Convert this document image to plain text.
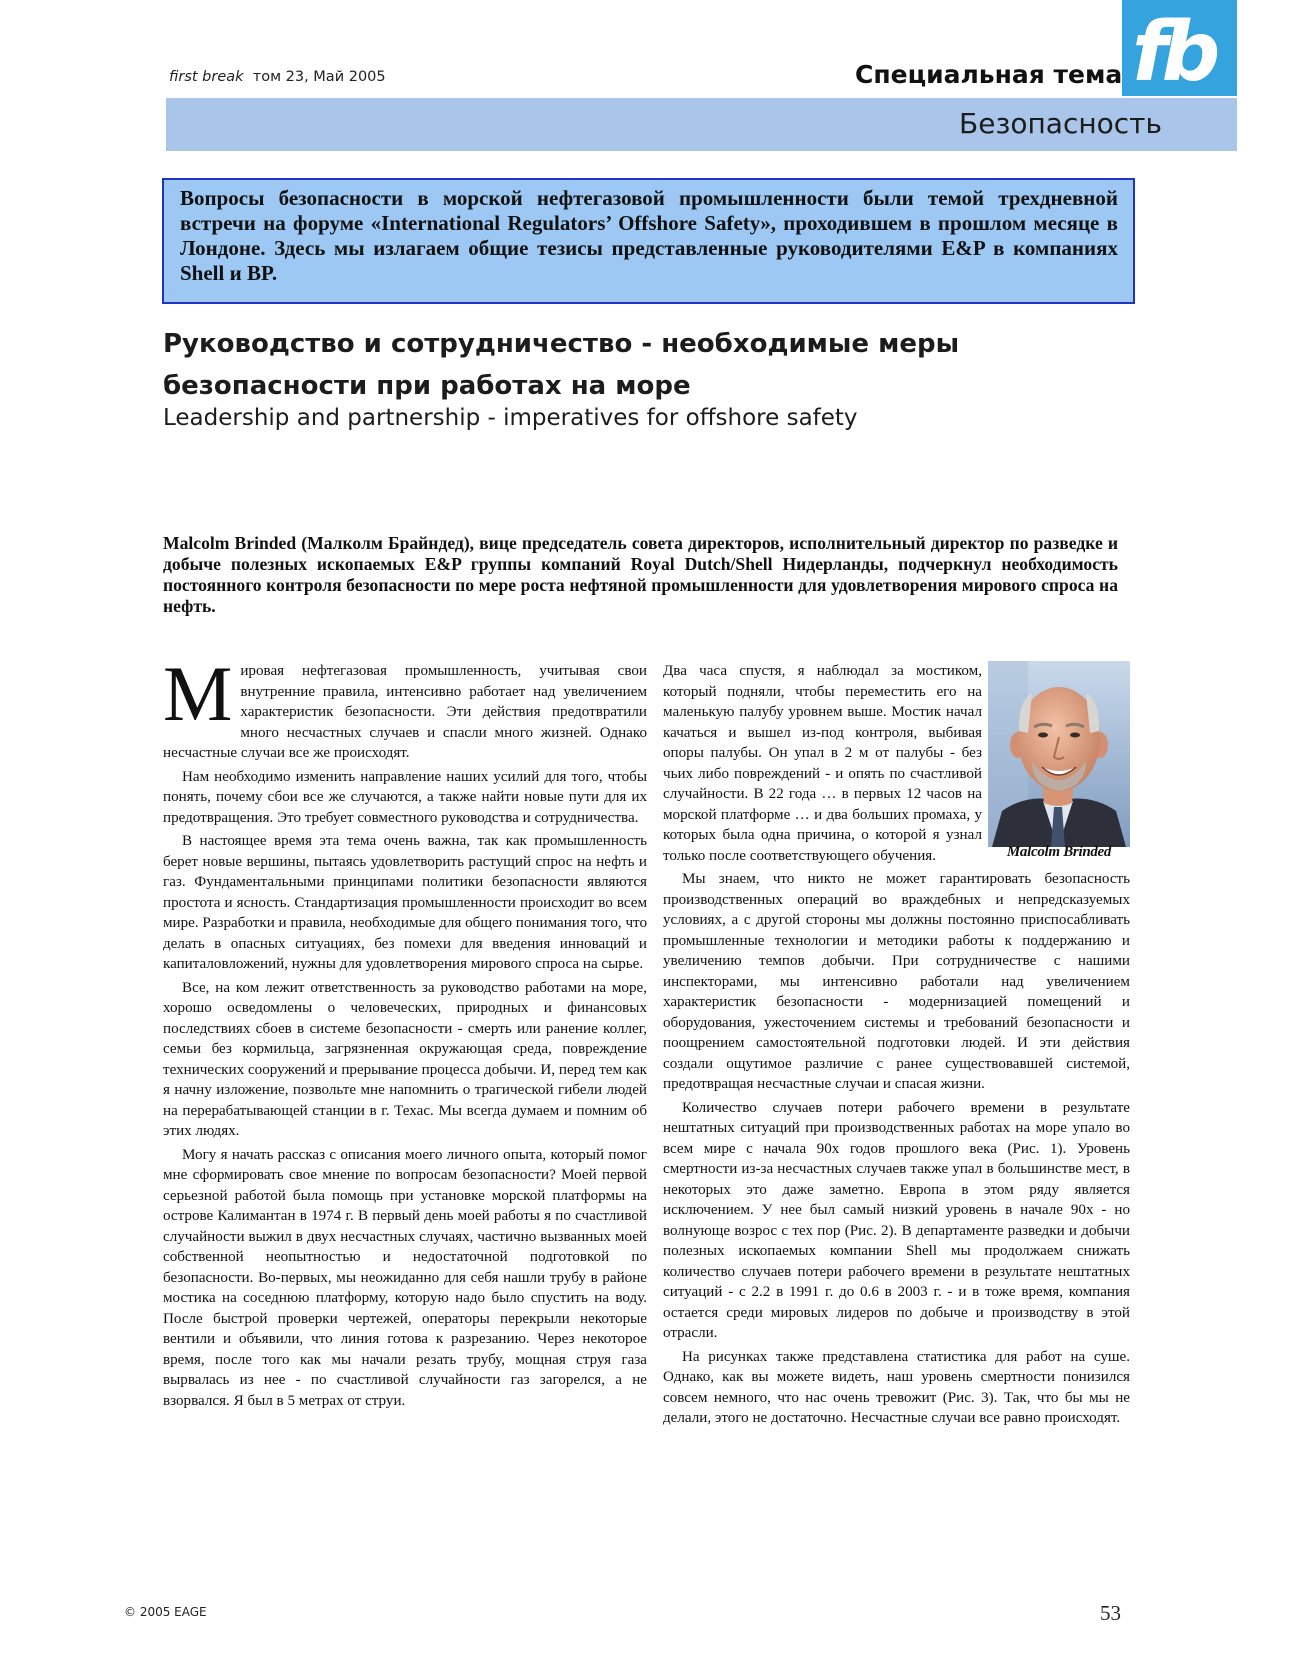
first break том 23, Май 2005	Специальная тема
Безопасность
fb

Вопросы безопасности в морской нефтегазовой промышленности были темой трехдневной встречи на форуме «International Regulators’ Offshore Safety», проходившем в прошлом месяце в Лондоне. Здесь мы излагаем общие тезисы представленные руководителями E&P в компаниях Shell и BP.

Руководство и сотрудничество - необходимые меры
безопасности при работах на море
Leadership and partnership - imperatives for offshore safety

Malcolm Brinded (Малколм Брайндед), вице председатель совета директоров, исполнительный директор по разведке и добыче полезных ископаемых E&P группы компаний Royal Dutch/Shell Нидерланды, подчеркнул необходимость постоянного контроля безопасности по мере роста нефтяной промышленности для удовлетворения мирового спроса на нефть.

Мировая нефтегазовая промышленность, учитывая свои внутренние правила, интенсивно работает над увеличением характеристик безопасности. Эти действия предотвратили много несчастных случаев и спасли много жизней. Однако несчастные случаи все же происходят.

Нам необходимо изменить направление наших усилий для того, чтобы понять, почему сбои все же случаются, а также найти новые пути для их предотвращения. Это требует совместного руководства и сотрудничества.

В настоящее время эта тема очень важна, так как промышленность берет новые вершины, пытаясь удовлетворить растущий спрос на нефть и газ. Фундаментальными принципами политики безопасности являются простота и ясность. Стандартизация промышленности происходит во всем мире. Разработки и правила, необходимые для общего понимания того, что делать в опасных ситуациях, без помехи для введения инноваций и капиталовложений, нужны для удовлетворения мирового спроса на сырье.

Все, на ком лежит ответственность за руководство работами на море, хорошо осведомлены о человеческих, природных и финансовых последствиях сбоев в системе безопасности - смерть или ранение коллег, семьи без кормильца, загрязненная окружающая среда, повреждение технических сооружений и прерывание процесса добычи. И, перед тем как я начну изложение, позвольте мне напомнить о трагической гибели людей на перерабатывающей станции в г. Техас. Мы всегда думаем и помним об этих людях.

Могу я начать рассказ с описания моего личного опыта, который помог мне сформировать свое мнение по вопросам безопасности? Моей первой серьезной работой была помощь при установке морской платформы на острове Калимантан в 1974 г. В первый день моей работы я по счастливой случайности выжил в двух несчастных случаях, частично вызванных моей собственной неопытностью и недостаточной подготовкой по безопасности. Во-первых, мы неожиданно для себя нашли трубу в районе мостика на соседнюю платформу, которую надо было спустить на воду. После быстрой проверки чертежей, операторы перекрыли некоторые вентили и объявили, что линия готова к разрезанию. Через некоторое время, после того как мы начали резать трубу, мощная струя газа вырвалась из нее - по счастливой случайности газ загорелся, а не взорвался. Я был в 5 метрах от струи.

Malcolm Brinded

Два часа спустя, я наблюдал за мостиком, который подняли, чтобы переместить его на маленькую палубу уровнем выше. Мостик начал качаться и вышел из-под контроля, выбивая опоры палубы. Он упал в 2 м от палубы - без чьих либо повреждений - и опять по счастливой случайности. В 22 года … в первых 12 часов на морской платформе … и два больших промаха, у которых была одна причина, о которой я узнал только после соответствующего обучения.

Мы знаем, что никто не может гарантировать безопасность производственных операций во враждебных и непредсказуемых условиях, а с другой стороны мы должны постоянно приспосабливать промышленные технологии и методики работы к поддержанию и увеличению темпов добычи. При сотрудничестве с нашими инспекторами, мы интенсивно работали над увеличением характеристик безопасности - модернизацией помещений и оборудования, ужесточением системы и требований безопасности и поощрением самостоятельной подготовки людей. И эти действия создали ощутимое различие с ранее существовавшей системой, предотвращая несчастные случаи и спасая жизни.

Количество случаев потери рабочего времени в результате нештатных ситуаций при производственных работах на море упало во всем мире с начала 90х годов прошлого века (Рис. 1). Уровень смертности из-за несчастных случаев также упал в большинстве мест, в некоторых это даже заметно. Европа в этом ряду является исключением. У нее был самый низкий уровень в начале 90х - но волнующе возрос с тех пор (Рис. 2). В департаменте разведки и добычи полезных ископаемых компании Shell мы продолжаем снижать количество случаев потери рабочего времени в результате нештатных ситуаций - с 2.2 в 1991 г. до 0.6 в 2003 г. - и в тоже время, компания остается среди мировых лидеров по добыче и производству в этой отрасли.

На рисунках также представлена статистика для работ на суше. Однако, как вы можете видеть, наш уровень смертности понизился совсем немного, что нас очень тревожит (Рис. 3). Так, что бы мы не делали, этого не достаточно. Несчастные случаи все равно происходят.

© 2005 EAGE	53
